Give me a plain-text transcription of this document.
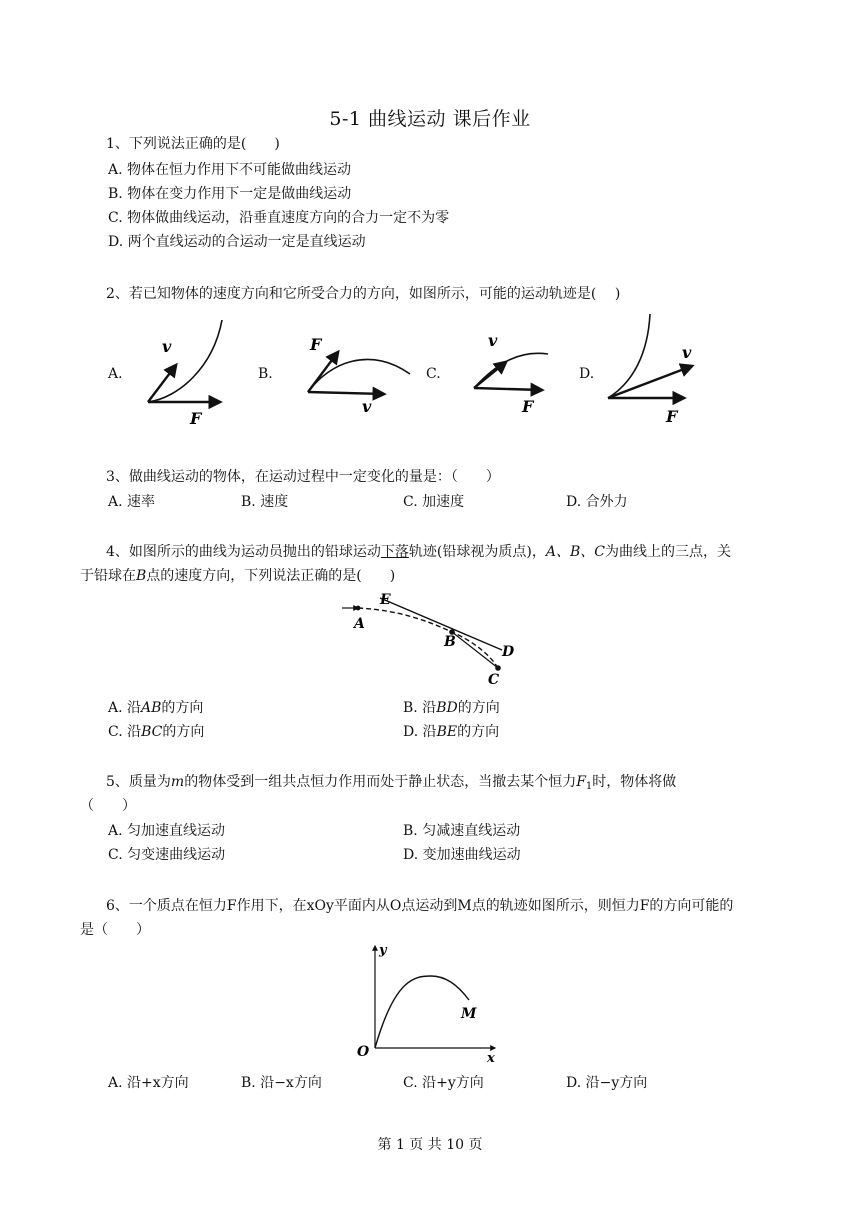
5-1 曲线运动 课后作业
1、下列说法正确的是(　　)
A. 物体在恒力作用下不可能做曲线运动
B. 物体在变力作用下一定是做曲线运动
C. 物体做曲线运动，沿垂直速度方向的合力一定不为零
D. 两个直线运动的合运动一定是直线运动
2、若已知物体的速度方向和它所受合力的方向，如图所示，可能的运动轨迹是(　 )
A.	B.	C.	D.
v
F
F
v
v
F
v
F
3、做曲线运动的物体，在运动过程中一定变化的量是：（　　）
A. 速率	B. 速度	C. 加速度	D. 合外力
4、如图所示的曲线为运动员抛出的铅球运动下落轨迹(铅球视为质点)，A、B、C为曲线上的三点，关
于铅球在B点的速度方向，下列说法正确的是(　　)
A
E
B
D
C
A. 沿AB的方向	B. 沿BD的方向
C. 沿BC的方向	D. 沿BE的方向
5、质量为m的物体受到一组共点恒力作用而处于静止状态，当撤去某个恒力$F_1$时，物体将做
（　　）
A. 匀加速直线运动	B. 匀减速直线运动
C. 匀变速曲线运动	D. 变加速曲线运动
6、一个质点在恒力F作用下，在xOy平面内从O点运动到M点的轨迹如图所示，则恒力F的方向可能的
是（　　）
O
y
x
M
A. 沿+x方向	B. 沿−x方向	C. 沿+y方向	D. 沿−y方向
第 1 页 共 10 页
